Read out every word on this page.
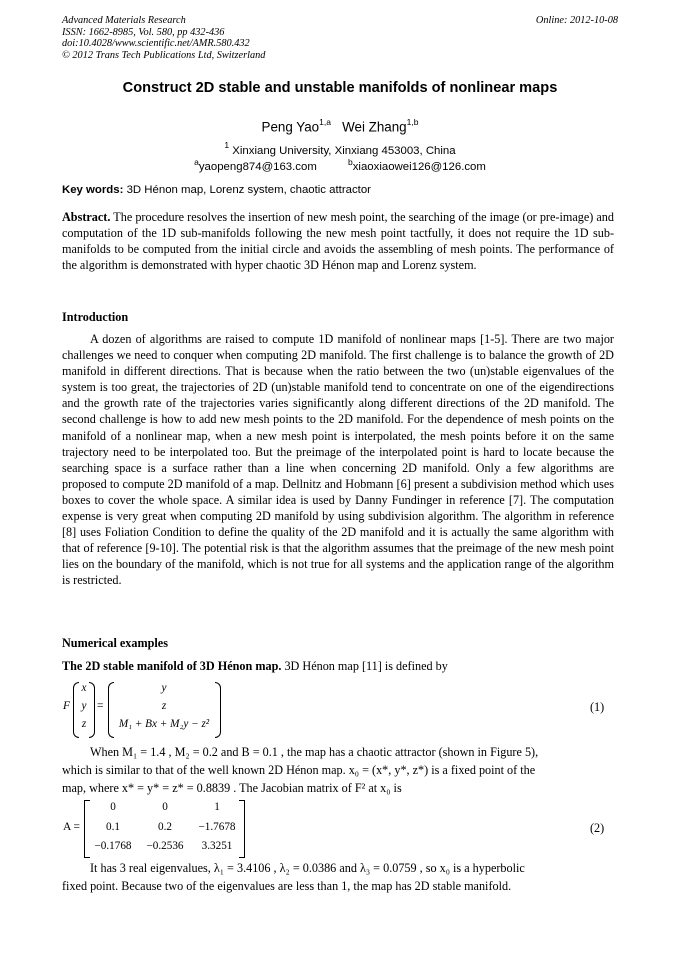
Advanced Materials Research
ISSN: 1662-8985, Vol. 580, pp 432-436
doi:10.4028/www.scientific.net/AMR.580.432
© 2012 Trans Tech Publications Ltd, Switzerland
Online: 2012-10-08
Construct 2D stable and unstable manifolds of nonlinear maps
Peng Yao$^{1,a}$ Wei Zhang$^{1,b}$
$^1$ Xinxiang University, Xinxiang 453003, China
$^a$yaopeng874@163.com	$^b$xiaoxiaowei126@126.com
Key words: 3D Hénon map, Lorenz system, chaotic attractor
Abstract. The procedure resolves the insertion of new mesh point, the searching of the image (or pre-image) and computation of the 1D sub-manifolds following the new mesh point tactfully, it does not require the 1D sub-manifolds to be computed from the initial circle and avoids the assembling of mesh points. The performance of the algorithm is demonstrated with hyper chaotic 3D Hénon map and Lorenz system.
Introduction
A dozen of algorithms are raised to compute 1D manifold of nonlinear maps [1-5]. There are two major challenges we need to conquer when computing 2D manifold. The first challenge is to balance the growth of 2D manifold in different directions. That is because when the ratio between the two (un)stable eigenvalues of the system is too great, the trajectories of 2D (un)stable manifold tend to concentrate on one of the eigendirections and the growth rate of the trajectories varies significantly along different directions of the 2D manifold. The second challenge is how to add new mesh points to the 2D manifold. For the dependence of mesh points on the manifold of a nonlinear map, when a new mesh point is interpolated, the mesh points before it on the same trajectory need to be interpolated too. But the preimage of the interpolated point is hard to locate because the searching space is a surface rather than a line when concerning 2D manifold. Only a few algorithms are proposed to compute 2D manifold of a map. Dellnitz and Hobmann [6] present a subdivision method which uses boxes to cover the whole space. A similar idea is used by Danny Fundinger in reference [7]. The computation expense is very great when computing 2D manifold by using subdivision algorithm. The algorithm in reference [8] uses Foliation Condition to define the quality of the 2D manifold and it is actually the same algorithm with that of reference [9-10]. The potential risk is that the algorithm assumes that the preimage of the new mesh point lies on the boundary of the manifold, which is not true for all systems and the application range of the algorithm is restricted.
Numerical examples
The 2D stable manifold of 3D Hénon map. 3D Hénon map [11] is defined by
F
x
y
z
=
y
z
M₁ + Bx + M₂y − z²
(1)
When M₁ = 1.4 , M₂ = 0.2 and B = 0.1 , the map has a chaotic attractor (shown in Figure 5),
which is similar to that of the well known 2D Hénon map. x₀ = (x*, y*, z*) is a fixed point of the
map, where x* = y* = z* = 0.8839 . The Jacobian matrix of F² at x₀ is
A =
0	0	1
0.1	0.2	−1.7678
−0.1768	−0.2536	3.3251
(2)
It has 3 real eigenvalues, λ₁ = 3.4106 , λ₂ = 0.0386 and λ₃ = 0.0759 , so x₀ is a hyperbolic
fixed point. Because two of the eigenvalues are less than 1, the map has 2D stable manifold.
